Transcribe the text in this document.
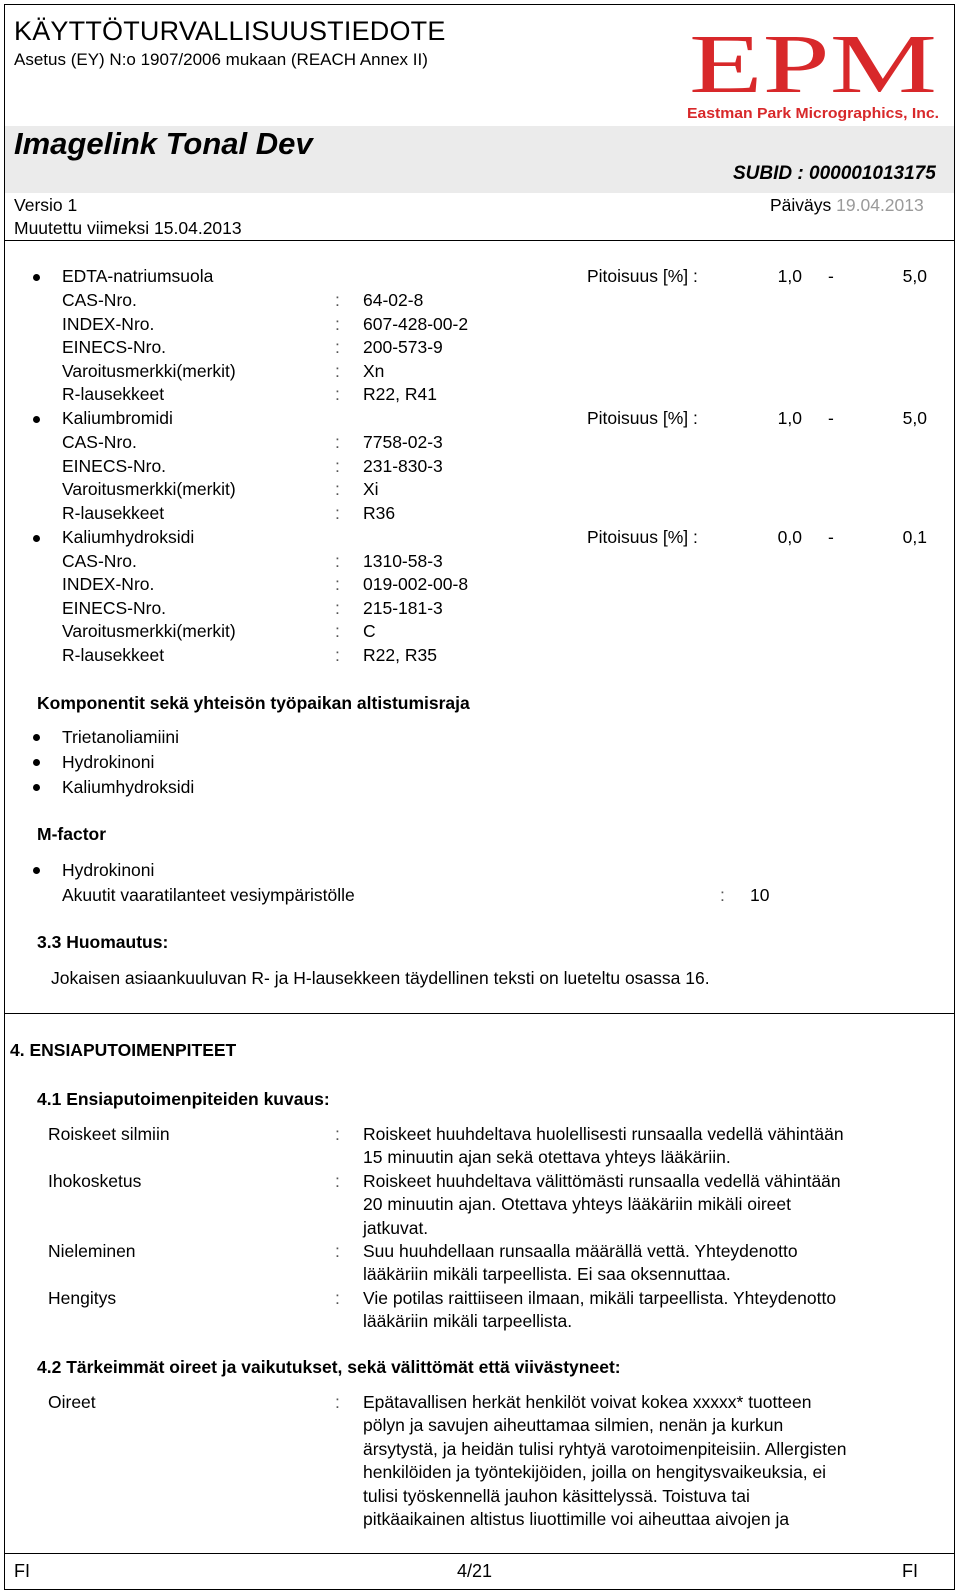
KÄYTTÖTURVALLISUUSTIEDOTE
Asetus (EY) N:o 1907/2006 mukaan (REACH Annex II)	EPM
Eastman Park Micrographics, Inc.
Imagelink Tonal Dev
SUBID : 000001013175
Versio 1
Muutettu viimeksi 15.04.2013
Päiväys 19.04.2013
EDTA-natriumsuola	Pitoisuus [%] :	1,0 -	5,0
CAS-Nro.	: 64-02-8
INDEX-Nro.	: 607-428-00-2
EINECS-Nro.	: 200-573-9
Varoitusmerkki(merkit)	: Xn
R-lausekkeet	: R22, R41
Kaliumbromidi	Pitoisuus [%] :	1,0 -	5,0
CAS-Nro.	: 7758-02-3
EINECS-Nro.	: 231-830-3
Varoitusmerkki(merkit)	: Xi
R-lausekkeet	: R36
Kaliumhydroksidi	Pitoisuus [%] :	0,0 -	0,1
CAS-Nro.	: 1310-58-3
INDEX-Nro.	: 019-002-00-8
EINECS-Nro.	: 215-181-3
Varoitusmerkki(merkit)	: C
R-lausekkeet	: R22, R35
Komponentit sekä yhteisön työpaikan altistumisraja
Trietanoliamiini
Hydrokinoni
Kaliumhydroksidi
M-factor
Hydrokinoni
Akuutit vaaratilanteet vesiympäristölle	: 10
3.3 Huomautus:
Jokaisen asiaankuuluvan R- ja H-lausekkeen täydellinen teksti on lueteltu osassa 16.
4. ENSIAPUTOIMENPITEET
4.1 Ensiaputoimenpiteiden kuvaus:
Roiskeet silmiin	: Roiskeet huuhdeltava huolellisesti runsaalla vedellä vähintään
15 minuutin ajan sekä otettava yhteys lääkäriin.
Ihokosketus	: Roiskeet huuhdeltava välittömästi runsaalla vedellä vähintään
20 minuutin ajan. Otettava yhteys lääkäriin mikäli oireet
jatkuvat.
Nieleminen	: Suu huuhdellaan runsaalla määrällä vettä. Yhteydenotto
lääkäriin mikäli tarpeellista. Ei saa oksennuttaa.
Hengitys	: Vie potilas raittiiseen ilmaan, mikäli tarpeellista. Yhteydenotto
lääkäriin mikäli tarpeellista.
4.2 Tärkeimmät oireet ja vaikutukset, sekä välittömät että viivästyneet:
Oireet	: Epätavallisen herkät henkilöt voivat kokea xxxxx* tuotteen
pölyn ja savujen aiheuttamaa silmien, nenän ja kurkun
ärsytystä, ja heidän tulisi ryhtyä varotoimenpiteisiin. Allergisten
henkilöiden ja työntekijöiden, joilla on hengitysvaikeuksia, ei
tulisi työskennellä jauhon käsittelyssä. Toistuva tai
pitkäaikainen altistus liuottimille voi aiheuttaa aivojen ja
FI	4/21	FI
